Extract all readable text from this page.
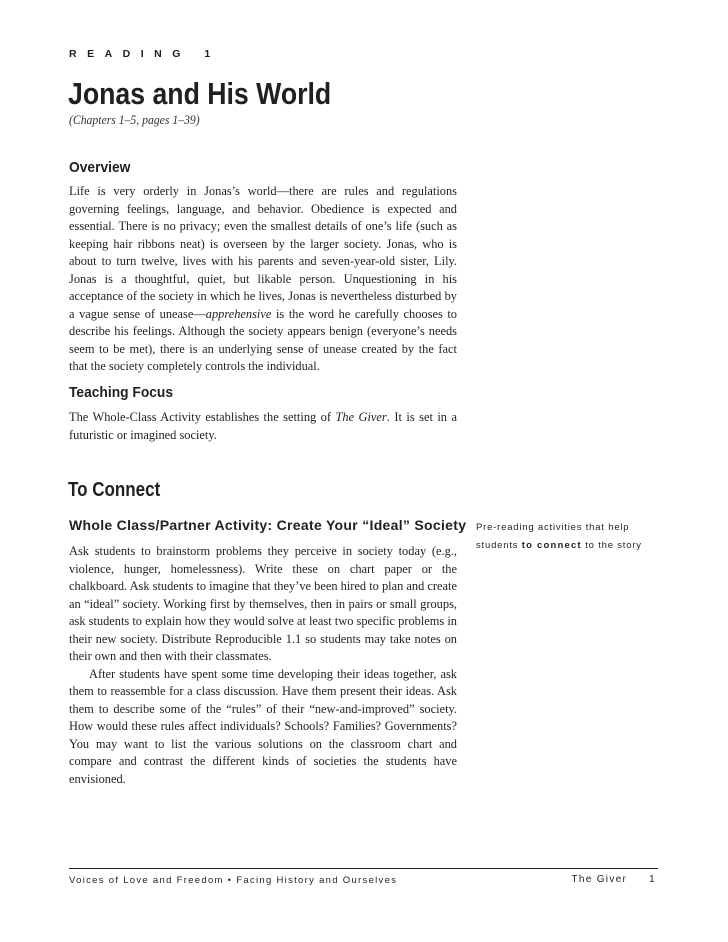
READING 1
Jonas and His World
(Chapters 1–5, pages 1–39)
Overview

Life is very orderly in Jonas’s world—there are rules and regulations governing feelings, language, and behavior. Obedience is expected and essential. There is no privacy; even the smallest details of one’s life (such as keeping hair ribbons neat) is overseen by the larger society. Jonas, who is about to turn twelve, lives with his parents and seven-year-old sister, Lily. Jonas is a thoughtful, quiet, but likable person. Unquestioning in his acceptance of the society in which he lives, Jonas is nevertheless disturbed by a vague sense of unease—apprehensive is the word he carefully chooses to describe his feelings. Although the society appears benign (everyone’s needs seem to be met), there is an underlying sense of unease created by the fact that the society completely controls the individual.

Teaching Focus

The Whole-Class Activity establishes the setting of The Giver. It is set in a futuristic or imagined society.

To Connect
Whole Class/Partner Activity: Create Your “Ideal” Society

Ask students to brainstorm problems they perceive in society today (e.g., violence, hunger, homelessness). Write these on chart paper or the chalkboard. Ask students to imagine that they’ve been hired to plan and create an “ideal” society. Working first by themselves, then in pairs or small groups, ask students to explain how they would solve at least two specific problems in their new society. Distribute Reproducible 1.1 so students may take notes on their own and then with their classmates.

After students have spent some time developing their ideas together, ask them to reassemble for a class discussion. Have them present their ideas. Ask them to describe some of the “rules” of their “new-and-improved” society. How would these rules affect individuals? Schools? Families? Governments? You may want to list the various solutions on the classroom chart and compare and contrast the different kinds of societies the students have envisioned.

Pre-reading activities that help students to connect to the story
Voices of Love and Freedom • Facing History and Ourselves	The Giver 1
